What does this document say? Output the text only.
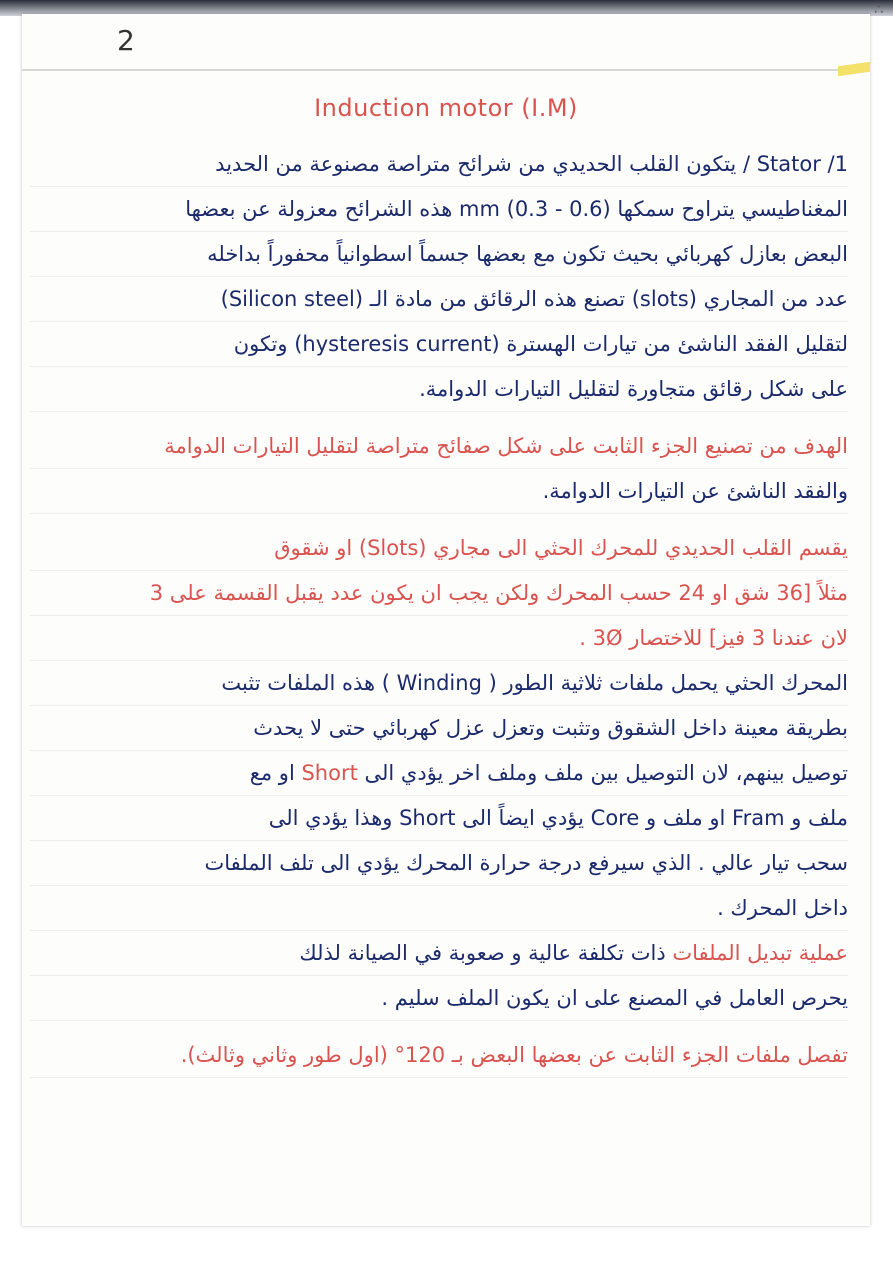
∴
2
Induction motor (I.M)
1/ Stator / يتكون القلب الحديدي من شرائح متراصة مصنوعة من الحديد
المغناطيسي يتراوح سمكها mm (0.3 - 0.6) هذه الشرائح معزولة عن بعضها
البعض بعازل كهربائي بحيث تكون مع بعضها جسماً اسطوانياً محفوراً بداخله
عدد من المجاري (slots) تصنع هذه الرقائق من مادة الـ (Silicon steel)
لتقليل الفقد الناشئ من تيارات الهسترة (hysteresis current) وتكون
على شكل رقائق متجاورة لتقليل التيارات الدوامة.
الهدف من تصنيع الجزء الثابت على شكل صفائح متراصة لتقليل التيارات الدوامة
والفقد الناشئ عن التيارات الدوامة.
يقسم القلب الحديدي للمحرك الحثي الى مجاري (Slots) او شقوق
مثلاً [36 شق او 24 حسب المحرك ولكن يجب ان يكون عدد يقبل القسمة على 3
لان عندنا 3 فيز] للاختصار 3Ø .
المحرك الحثي يحمل ملفات ثلاثية الطور ( Winding ) هذه الملفات تثبت
بطريقة معينة داخل الشقوق وتثبت وتعزل عزل كهربائي حتى لا يحدث
توصيل بينهم، لان التوصيل بين ملف وملف اخر يؤدي الى Short او مع
ملف و Fram او ملف و Core يؤدي ايضاً الى Short وهذا يؤدي الى
سحب تيار عالي . الذي سيرفع درجة حرارة المحرك يؤدي الى تلف الملفات
داخل المحرك .
عملية تبديل الملفات ذات تكلفة عالية و صعوبة في الصيانة لذلك
يحرص العامل في المصنع على ان يكون الملف سليم .
تفصل ملفات الجزء الثابت عن بعضها البعض بـ 120° (اول طور وثاني وثالث).
